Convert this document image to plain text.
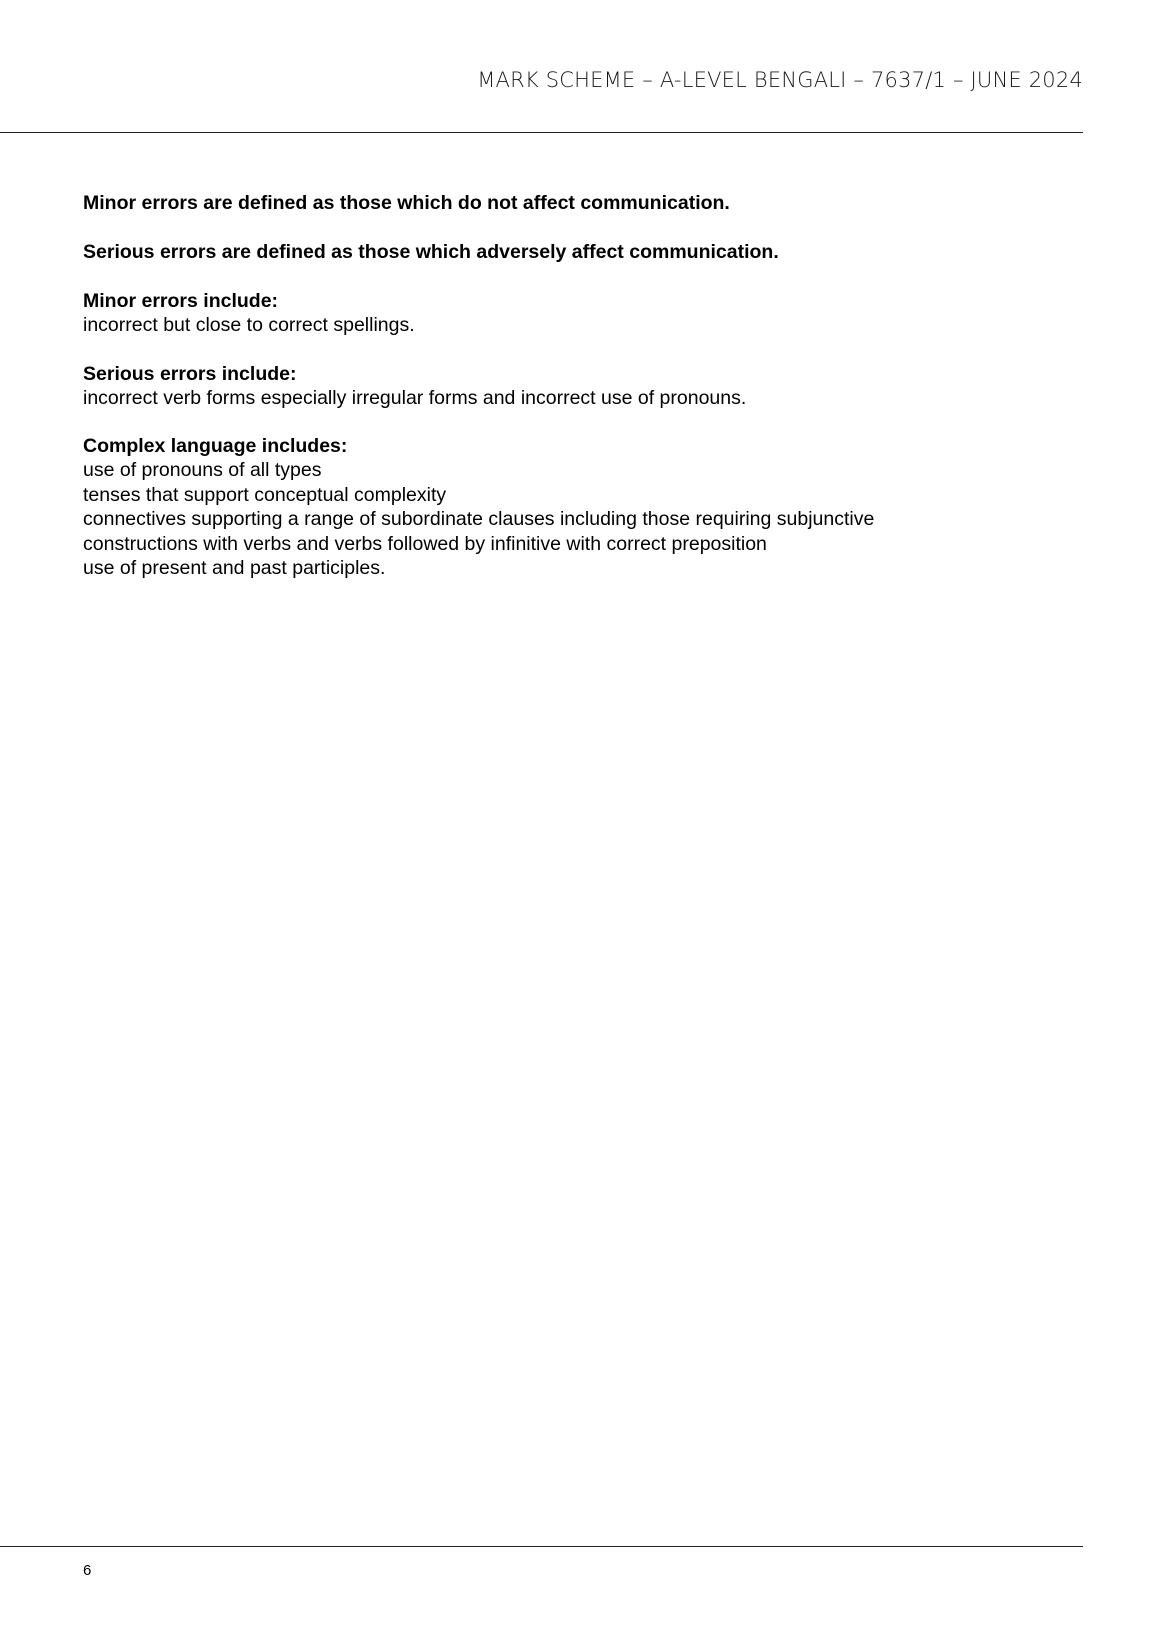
MARK SCHEME – A-LEVEL BENGALI – 7637/1 – JUNE 2024

Minor errors are defined as those which do not affect communication.

Serious errors are defined as those which adversely affect communication.

Minor errors include:

incorrect but close to correct spellings.

Serious errors include:

incorrect verb forms especially irregular forms and incorrect use of pronouns.

Complex language includes:

use of pronouns of all types

tenses that support conceptual complexity

connectives supporting a range of subordinate clauses including those requiring subjunctive

constructions with verbs and verbs followed by infinitive with correct preposition

use of present and past participles.

6
